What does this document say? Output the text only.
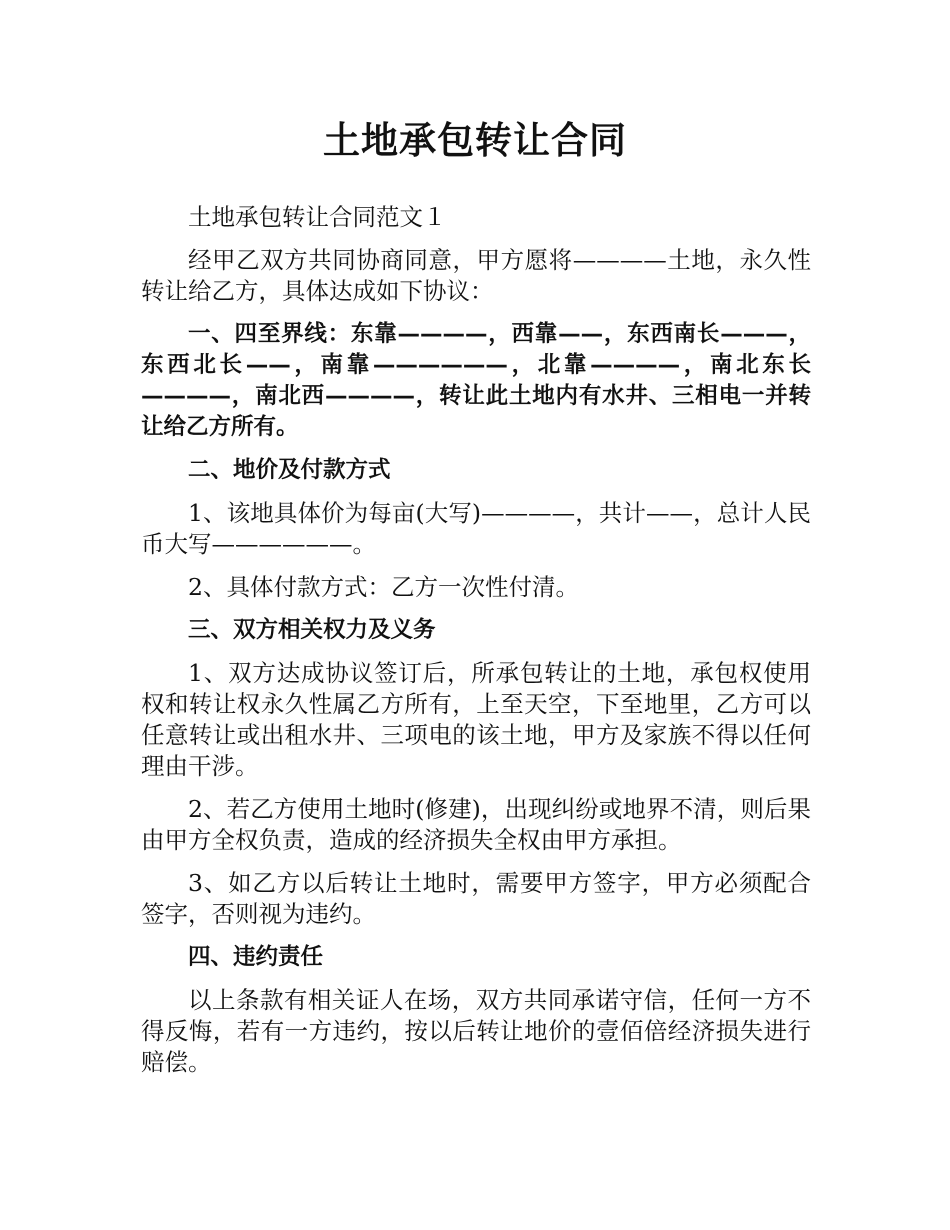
土地承包转让合同

土地承包转让合同范文１

经甲乙双方共同协商同意，甲方愿将————土地，永久性转让给乙方，具体达成如下协议：

一、四至界线：东靠————，西靠——，东西南长———，东西北长——，南靠——————，北靠————，南北东长————，南北西————，转让此土地内有水井、三相电一并转让给乙方所有。

二、地价及付款方式

1、该地具体价为每亩(大写)————，共计——，总计人民币大写——————。

2、具体付款方式：乙方一次性付清。

三、双方相关权力及义务

1、双方达成协议签订后，所承包转让的土地，承包权使用权和转让权永久性属乙方所有，上至天空，下至地里，乙方可以任意转让或出租水井、三项电的该土地，甲方及家族不得以任何理由干涉。

2、若乙方使用土地时(修建)，出现纠纷或地界不清，则后果由甲方全权负责，造成的经济损失全权由甲方承担。

3、如乙方以后转让土地时，需要甲方签字，甲方必须配合签字，否则视为违约。

四、违约责任

以上条款有相关证人在场，双方共同承诺守信，任何一方不得反悔，若有一方违约，按以后转让地价的壹佰倍经济损失进行赔偿。
